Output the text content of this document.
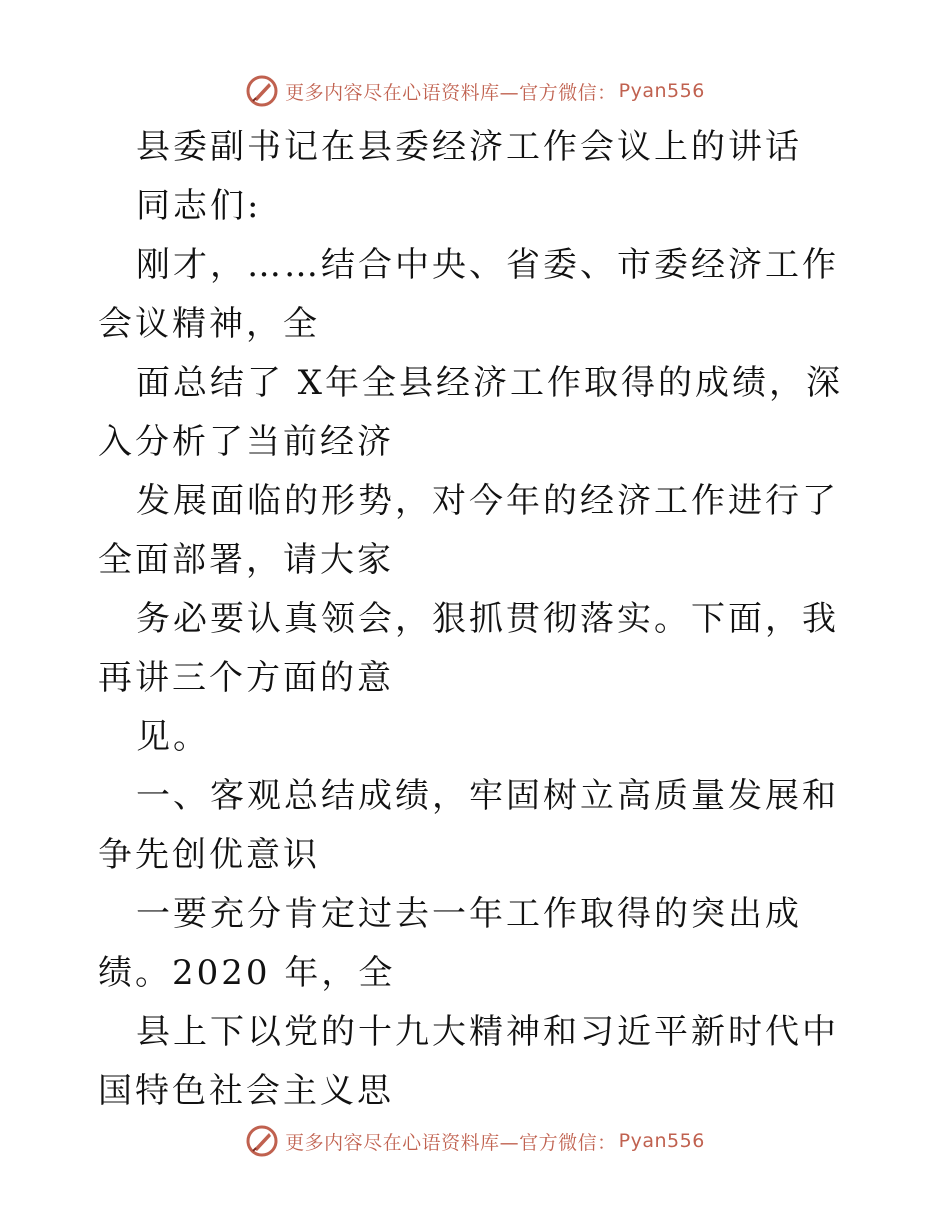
更多内容尽在心语资料库—官方微信： Pyan556

县委副书记在县委经济工作会议上的讲话

同志们:

刚才，……结合中央、省委、市委经济工作会议精神，全

面总结了 X年全县经济工作取得的成绩，深入分析了当前经济

发展面临的形势，对今年的经济工作进行了全面部署，请大家

务必要认真领会，狠抓贯彻落实。下面，我再讲三个方面的意

见。

一、客观总结成绩，牢固树立高质量发展和争先创优意识

一要充分肯定过去一年工作取得的突出成绩。2020 年，全

县上下以党的十九大精神和习近平新时代中国特色社会主义思

更多内容尽在心语资料库—官方微信： Pyan556
